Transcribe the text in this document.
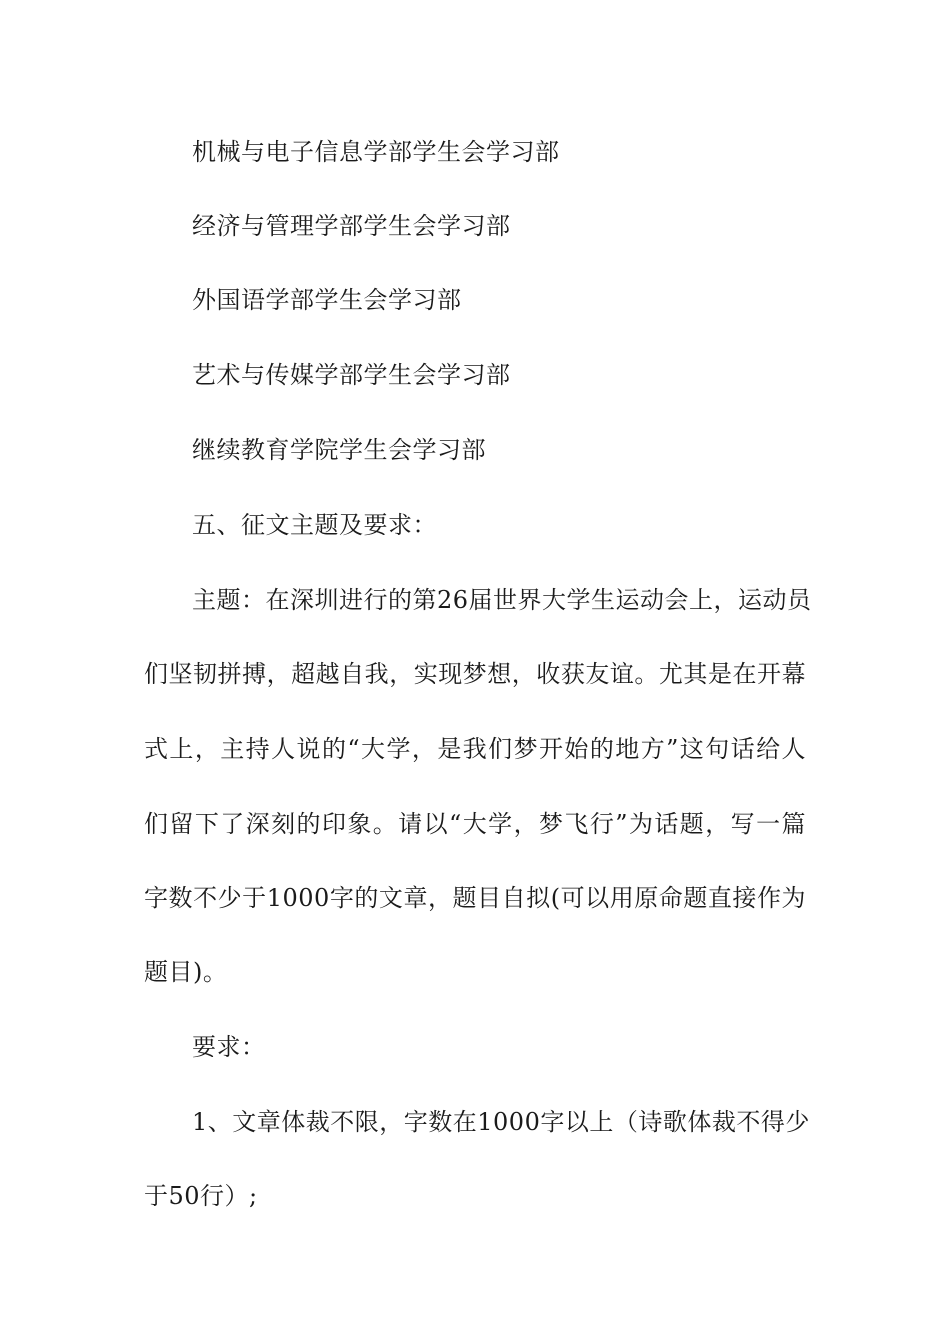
机械与电子信息学部学生会学习部
经济与管理学部学生会学习部
外国语学部学生会学习部
艺术与传媒学部学生会学习部
继续教育学院学生会学习部
五、征文主题及要求：
主题：在深圳进行的第26届世界大学生运动会上，运动员
们坚韧拼搏，超越自我，实现梦想，收获友谊。尤其是在开幕
式上，主持人说的“大学，是我们梦开始的地方”这句话给人
们留下了深刻的印象。请以“大学，梦飞行”为话题，写一篇
字数不少于1000字的文章，题目自拟(可以用原命题直接作为
题目)。
要求：
1、文章体裁不限，字数在1000字以上（诗歌体裁不得少
于50行）;
